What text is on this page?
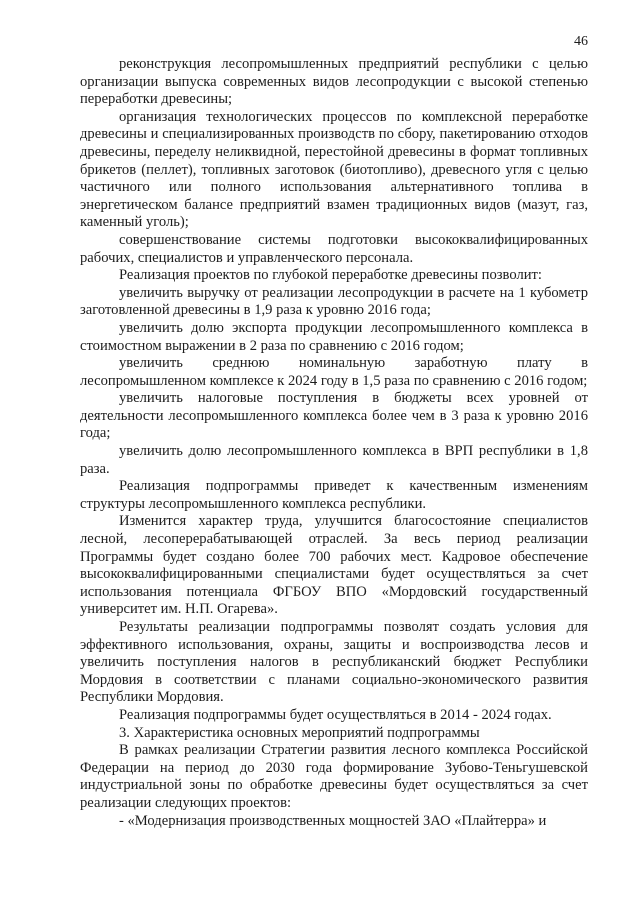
46

реконструкция лесопромышленных предприятий республики с целью организации выпуска современных видов лесопродукции с высокой степенью переработки древесины;

организация технологических процессов по комплексной переработке древесины и специализированных производств по сбору, пакетированию отходов древесины, переделу неликвидной, перестойной древесины в формат топливных брикетов (пеллет), топливных заготовок (биотопливо), древесного угля с целью частичного или полного использования альтернативного топлива в энергетическом балансе предприятий взамен традиционных видов (мазут, газ, каменный уголь);

совершенствование системы подготовки высококвалифицированных рабочих, специалистов и управленческого персонала.

Реализация проектов по глубокой переработке древесины позволит:

увеличить выручку от реализации лесопродукции в расчете на 1 кубометр заготовленной древесины в 1,9 раза к уровню 2016 года;

увеличить долю экспорта продукции лесопромышленного комплекса в стоимостном выражении в 2 раза по сравнению с 2016 годом;

увеличить среднюю номинальную заработную плату в лесопромышленном комплексе к 2024 году в 1,5 раза по сравнению с 2016 годом;

увеличить налоговые поступления в бюджеты всех уровней от деятельности лесопромышленного комплекса более чем в 3 раза к уровню 2016 года;

увеличить долю лесопромышленного комплекса в ВРП республики в 1,8 раза.

Реализация подпрограммы приведет к качественным изменениям структуры лесопромышленного комплекса республики.

Изменится характер труда, улучшится благосостояние специалистов лесной, лесоперерабатывающей отраслей. За весь период реализации Программы будет создано более 700 рабочих мест. Кадровое обеспечение высококвалифицированными специалистами будет осуществляться за счет использования потенциала ФГБОУ ВПО «Мордовский государственный университет им. Н.П. Огарева».

Результаты реализации подпрограммы позволят создать условия для эффективного использования, охраны, защиты и воспроизводства лесов и увеличить поступления налогов в республиканский бюджет Республики Мордовия в соответствии с планами социально-экономического развития Республики Мордовия.

Реализация подпрограммы будет осуществляться в 2014 - 2024 годах.

3. Характеристика основных мероприятий подпрограммы

В рамках реализации Стратегии развития лесного комплекса Российской Федерации на период до 2030 года формирование Зубово-Теньгушевской индустриальной зоны по обработке древесины будет осуществляться за счет реализации следующих проектов:

- «Модернизация производственных мощностей ЗАО «Плайтерра» и
